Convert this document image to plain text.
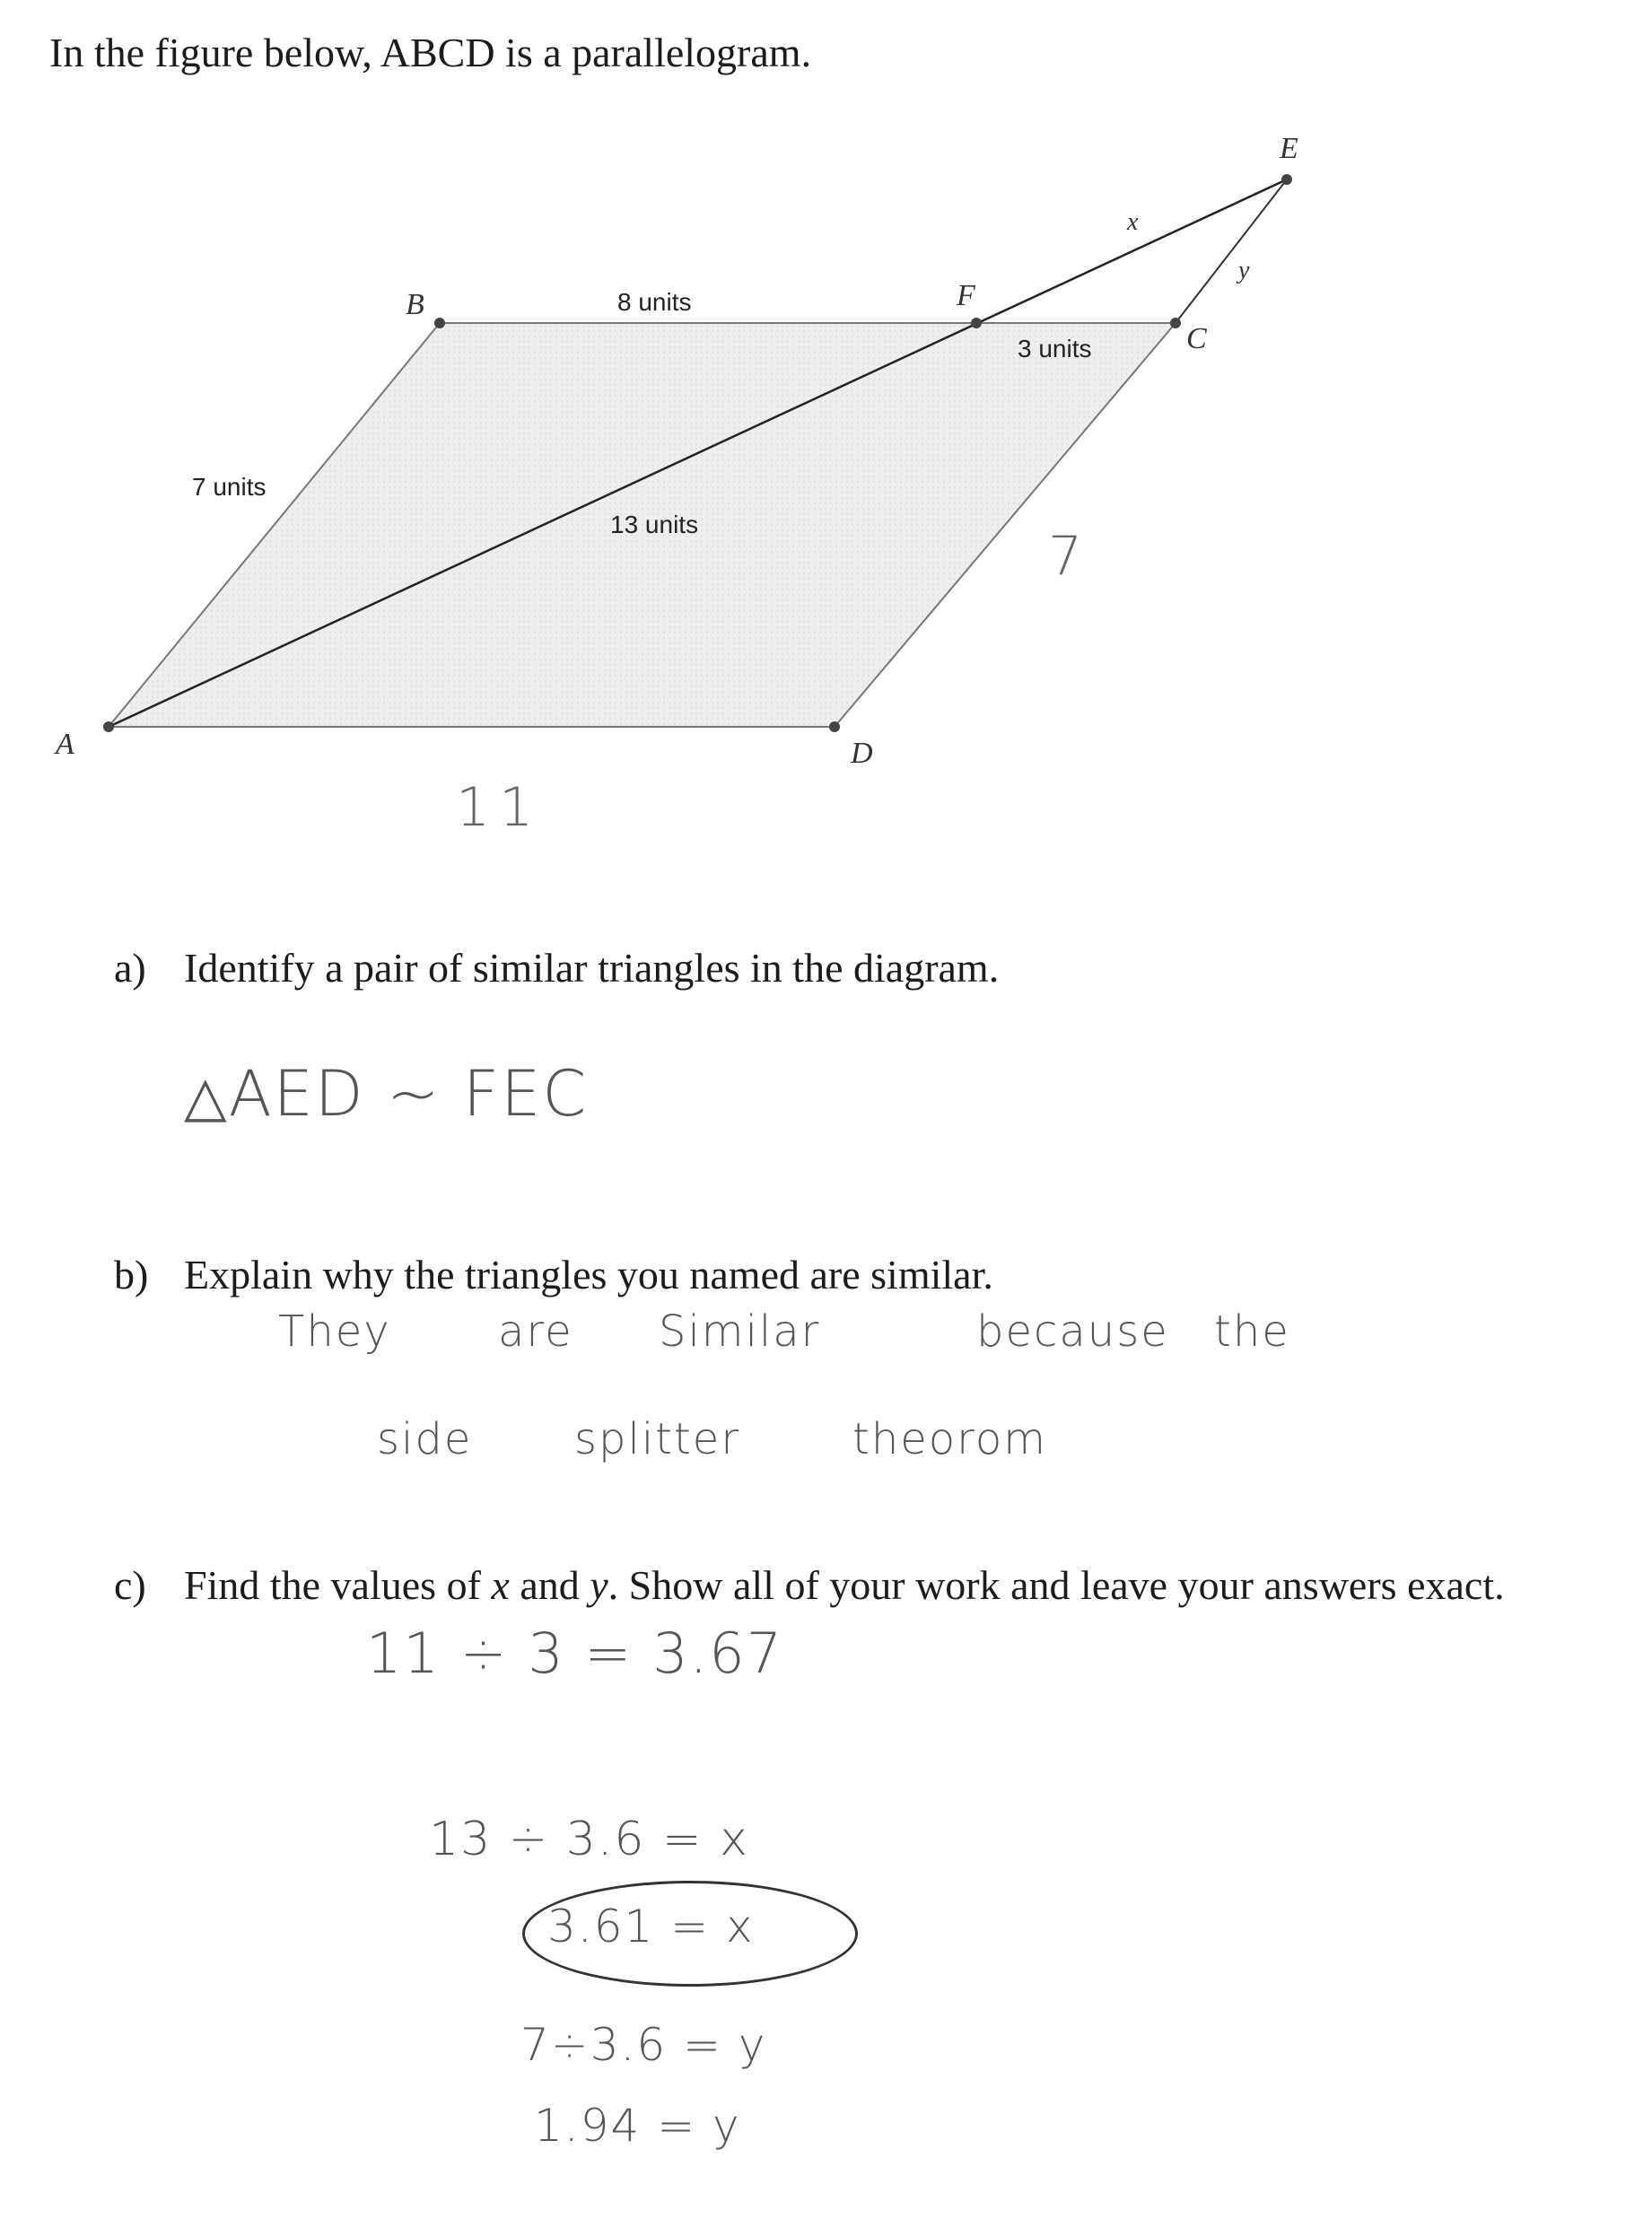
In the figure below, ABCD is a parallelogram.
A
B
C
D
E
F
8 units
7 units
13 units
3 units
x
y
11
7
a) Identify a pair of similar triangles in the diagram.
△AED ~ FEC
b) Explain why the triangles you named are similar.
They are Similar	because the
side splitter	theorom
c) Find the values of x and y. Show all of your work and leave your answers exact.
11 ÷ 3 = 3.67
13 ÷ 3.6 = x
3.61 = x
7÷3.6 = y
1.94 = y
